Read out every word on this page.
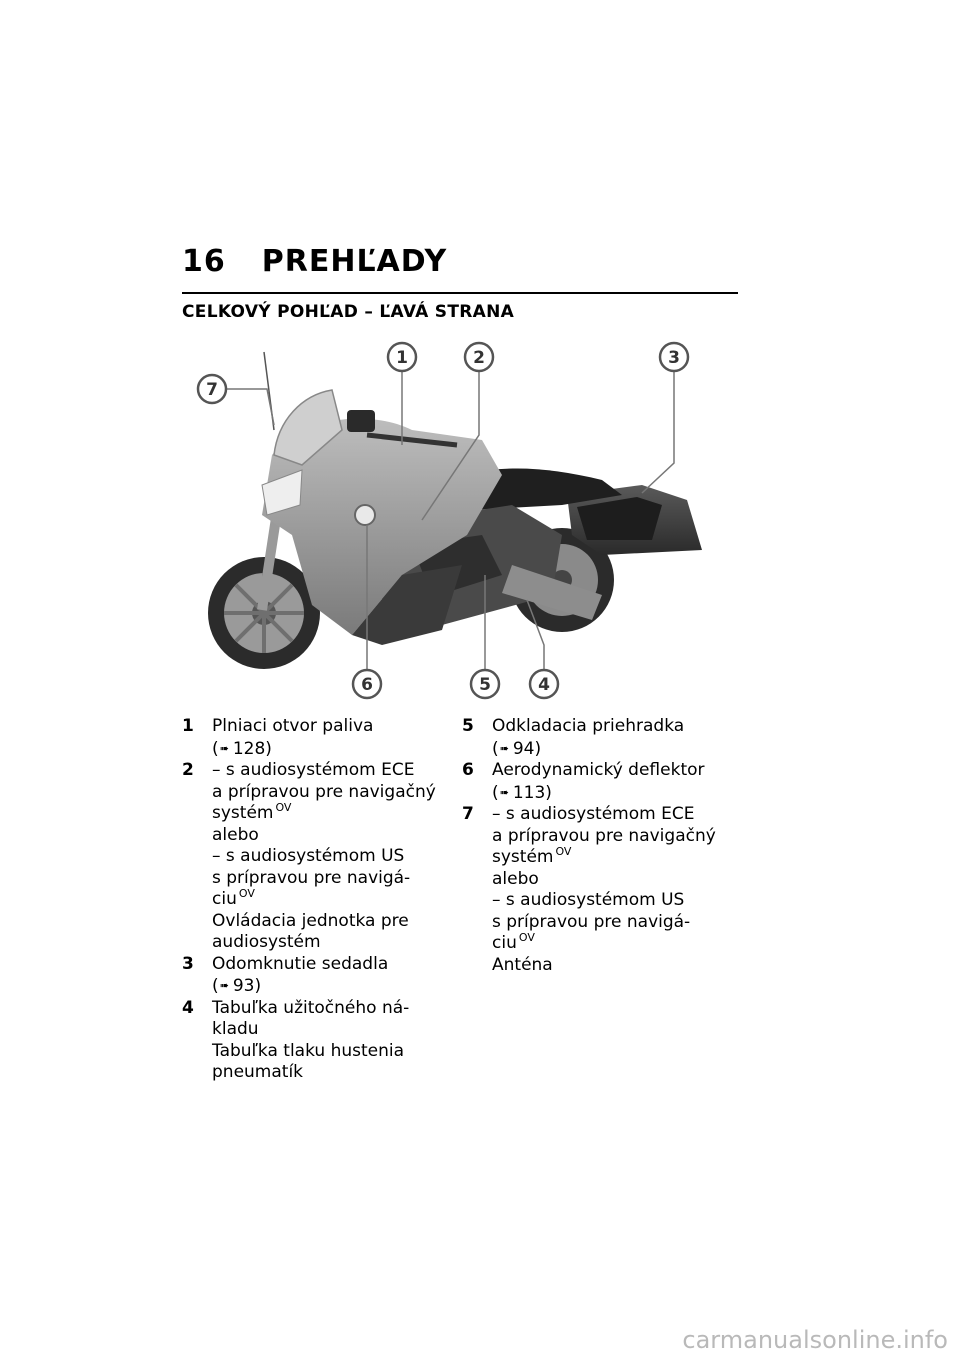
16 PREHĽADY
CELKOVÝ POHĽAD – ĽAVÁ STRANA
1	2	3
4
5
6
7
1	Plniaci otvor paliva
(➠ 128)
2	– s audiosystémom ECE
a prípravou pre navigačný
systém $^{OV}$
alebo
– s audiosystémom US
s prípravou pre navigá-
ciu $^{OV}$
Ovládacia jednotka pre
audiosystém
3	Odomknutie sedadla
(➠ 93)
4	Tabuľka užitočného ná-
kladu
Tabuľka tlaku hustenia
pneumatík
5	Odkladacia priehradka
(➠ 94)
6	Aerodynamický deflektor
(➠ 113)
7	– s audiosystémom ECE
a prípravou pre navigačný
systém $^{OV}$
alebo
– s audiosystémom US
s prípravou pre navigá-
ciu $^{OV}$
Anténa
carmanualsonline.info
